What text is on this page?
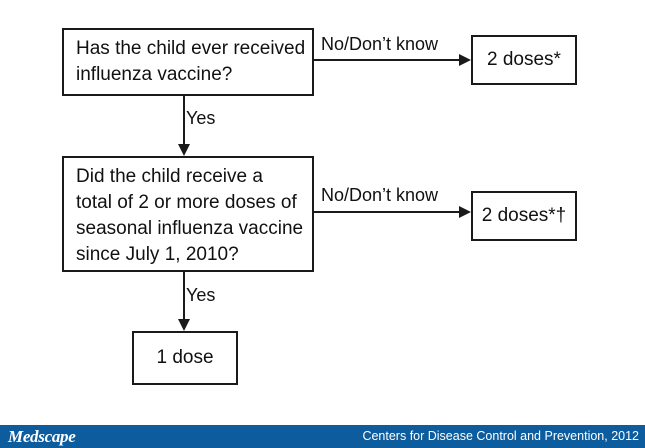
Has the child ever received
influenza vaccine?
Did the child receive a
total of 2 or more doses of
seasonal influenza vaccine
since July 1, 2010?
2 doses*
2 doses*†
1 dose
No/Don’t know
Yes
No/Don’t know
Yes
Medscape	Centers for Disease Control and Prevention, 2012
